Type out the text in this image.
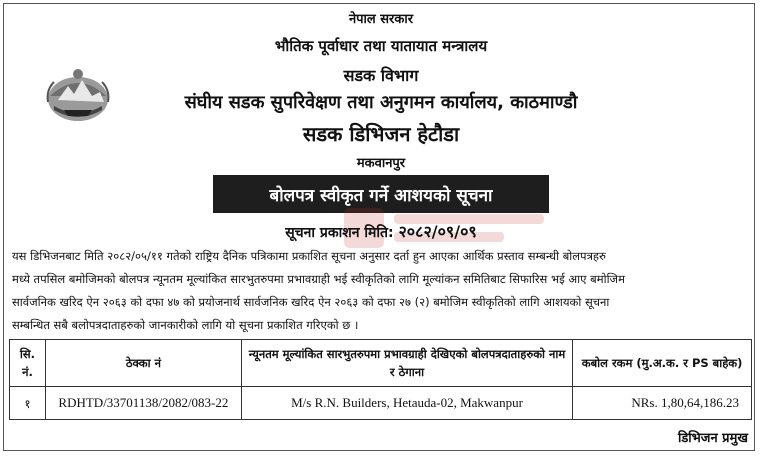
नेपाल सरकार
भौतिक पूर्वाधार तथा यातायात मन्त्रालय
सडक विभाग
संघीय सडक सुपरिवेक्षण तथा अनुगमन कार्यालय, काठमाण्डौ
सडक डिभिजन हेटौडा
मकवानपुर
बोलपत्र स्वीकृत गर्ने आशयको सूचना
सूचना प्रकाशन मिति: २०८२/०९/०९
यस डिभिजनबाट मिति २०८२/०५/११ गतेको राष्ट्रिय दैनिक पत्रिकामा प्रकाशित सूचना अनुसार दर्ता हुन आएका आर्थिक प्रस्ताव सम्बन्धी बोलपत्रहरु
मध्ये तपसिल बमोजिमको बोलपत्र न्यूनतम मूल्यांकित सारभुतरुपमा प्रभावग्राही भई स्वीकृतिको लागि मूल्यांकन समितिबाट सिफारिस भई आए बमोजिम
सार्वजनिक खरिद ऐन २०६३ को दफा ४७ को प्रयोजनार्थ सार्वजनिक खरिद ऐन २०६३ को दफा २७ (२) बमोजिम स्वीकृतिको लागि आशयको सूचना
सम्बन्धित सबै बलोपत्रदाताहरुको जानकारीको लागि यो सूचना प्रकाशित गरिएको छ ।
सि. नं.	ठेक्का नं	न्यूनतम मूल्यांकित सारभुतरुपमा प्रभावग्राही देखिएको बोलपत्रदाताहरुको नाम र ठेगाना	कबोल रकम (मु.अ.क. र PS बाहेक)
१	RDHTD/33701138/2082/083-22	M/s R.N. Builders, Hetauda-02, Makwanpur	NRs. 1,80,64,186.23
डिभिजन प्रमुख
